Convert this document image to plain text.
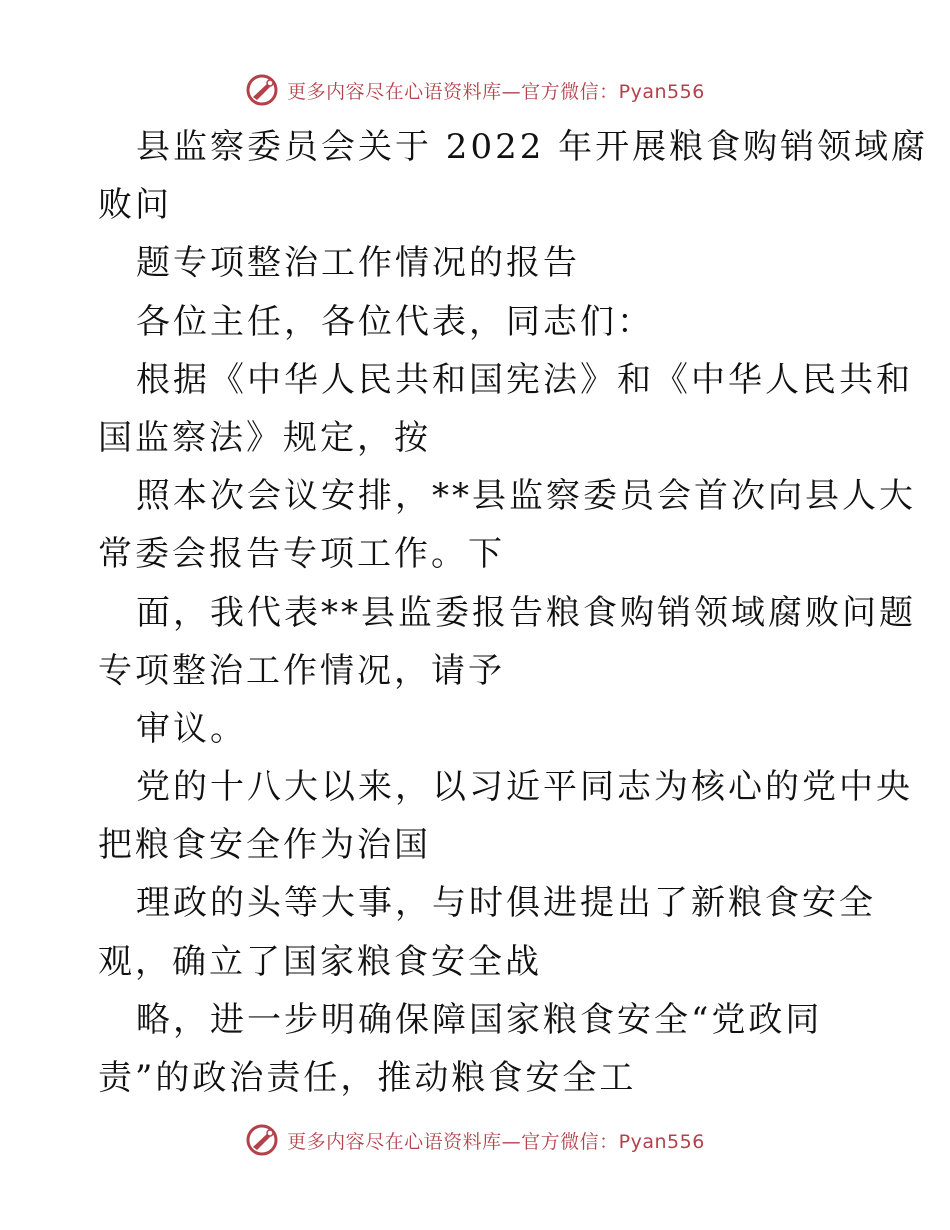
更多内容尽在心语资料库—官方微信：Pyan556
县监察委员会关于 2022 年开展粮食购销领域腐
败问
题专项整治工作情况的报告
各位主任，各位代表，同志们：
根据《中华人民共和国宪法》和《中华人民共和
国监察法》规定，按
照本次会议安排，**县监察委员会首次向县人大
常委会报告专项工作。下
面，我代表**县监委报告粮食购销领域腐败问题
专项整治工作情况，请予
审议。
党的十八大以来，以习近平同志为核心的党中央
把粮食安全作为治国
理政的头等大事，与时俱进提出了新粮食安全
观，确立了国家粮食安全战
略，进一步明确保障国家粮食安全“党政同
责”的政治责任，推动粮食安全工
更多内容尽在心语资料库—官方微信：Pyan556
